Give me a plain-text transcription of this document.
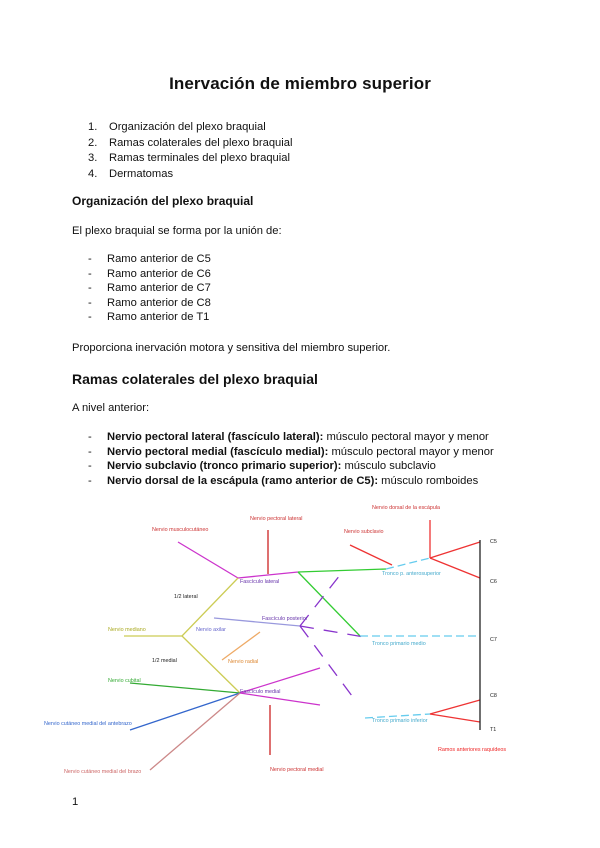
Inervación de miembro superior
1. Organización del plexo braquial
2. Ramas colaterales del plexo braquial
3. Ramas terminales del plexo braquial
4. Dermatomas
Organización del plexo braquial
El plexo braquial se forma por la unión de:
- Ramo anterior de C5
- Ramo anterior de C6
- Ramo anterior de C7
- Ramo anterior de C8
- Ramo anterior de T1
Proporciona inervación motora y sensitiva del miembro superior.
Ramas colaterales del plexo braquial
A nivel anterior:
- Nervio pectoral lateral (fascículo lateral): músculo pectoral mayor y menor
- Nervio pectoral medial (fascículo medial): músculo pectoral mayor y menor
- Nervio subclavio (tronco primario superior): músculo subclavio
- Nervio dorsal de la escápula (ramo anterior de C5): músculo romboides
Nervio musculocutáneo
Nervio pectoral lateral
Nervio subclavio
Nervio dorsal de la escápula
1/2 lateral
Fascículo lateral
Tronco p. anterosuperior
Fascículo posterior
Nervio mediano	Nervio axilar
Nervio radial
Tronco primario medio
1/2 medial
Nervio cubital
Fascículo medial
Nervio cutáneo medial del antebrazo	Tronco primario inferior
Nervio cutáneo medial del brazo	Nervio pectoral medial
Ramos anteriores raquídeos
C5
C6
C7
C8
T1
1
